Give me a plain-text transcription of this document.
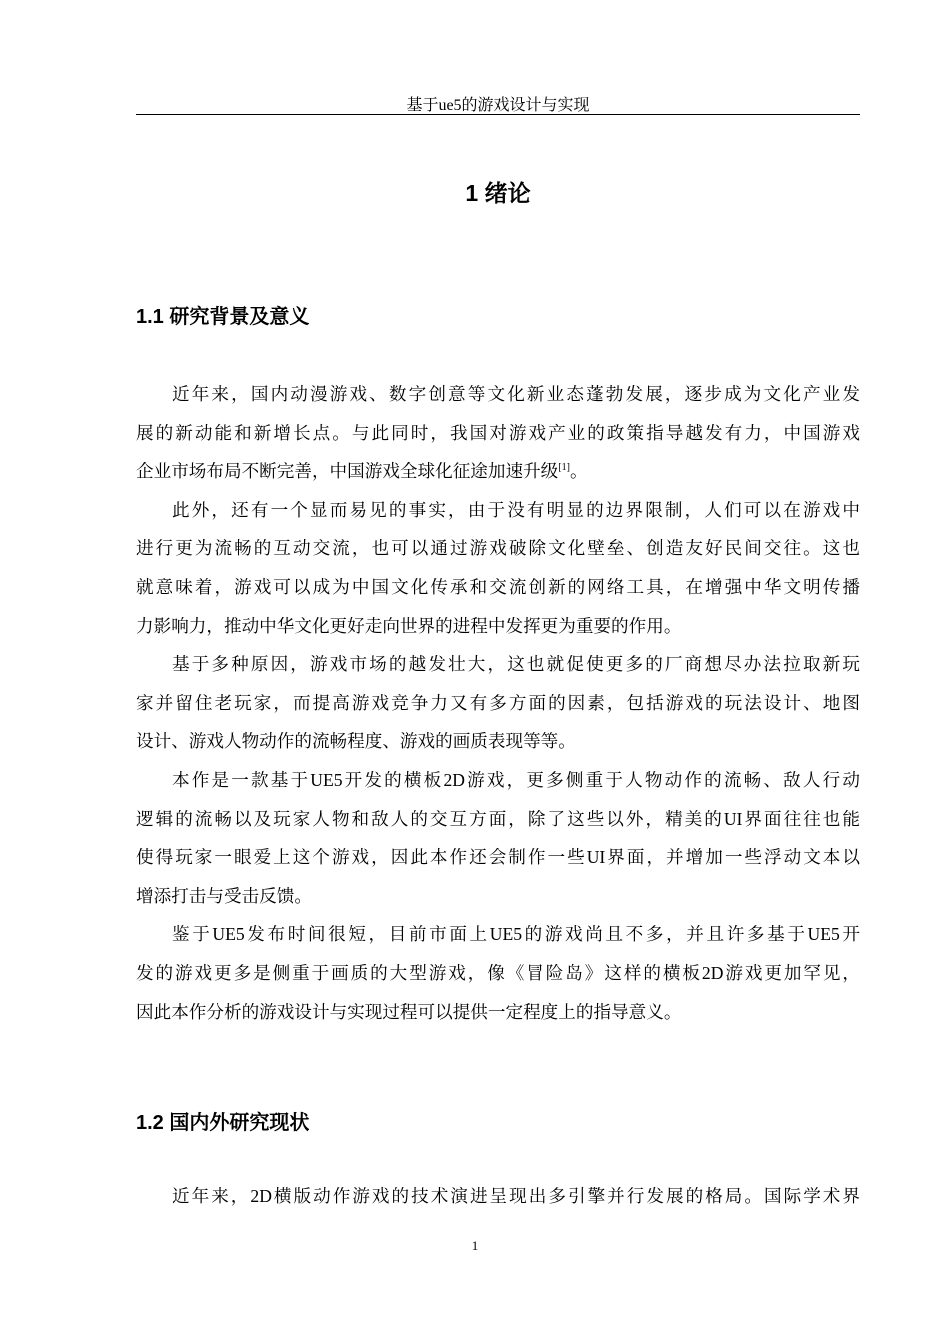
基于ue5的游戏设计与实现
1 绪论
1.1 研究背景及意义
近年来，国内动漫游戏、数字创意等文化新业态蓬勃发展，逐步成为文化产业发
展的新动能和新增长点。与此同时，我国对游戏产业的政策指导越发有力，中国游戏
企业市场布局不断完善，中国游戏全球化征途加速升级[1]。
此外，还有一个显而易见的事实，由于没有明显的边界限制，人们可以在游戏中
进行更为流畅的互动交流，也可以通过游戏破除文化壁垒、创造友好民间交往。这也
就意味着，游戏可以成为中国文化传承和交流创新的网络工具，在增强中华文明传播
力影响力，推动中华文化更好走向世界的进程中发挥更为重要的作用。
基于多种原因，游戏市场的越发壮大，这也就促使更多的厂商想尽办法拉取新玩
家并留住老玩家，而提高游戏竞争力又有多方面的因素，包括游戏的玩法设计、地图
设计、游戏人物动作的流畅程度、游戏的画质表现等等。
本作是一款基于UE5开发的横板2D游戏，更多侧重于人物动作的流畅、敌人行动
逻辑的流畅以及玩家人物和敌人的交互方面，除了这些以外，精美的UI界面往往也能
使得玩家一眼爱上这个游戏，因此本作还会制作一些UI界面，并增加一些浮动文本以
增添打击与受击反馈。
鉴于UE5发布时间很短，目前市面上UE5的游戏尚且不多，并且许多基于UE5开
发的游戏更多是侧重于画质的大型游戏，像《冒险岛》这样的横板2D游戏更加罕见，
因此本作分析的游戏设计与实现过程可以提供一定程度上的指导意义。
1.2 国内外研究现状
近年来，2D横版动作游戏的技术演进呈现出多引擎并行发展的格局。国际学术界
1
